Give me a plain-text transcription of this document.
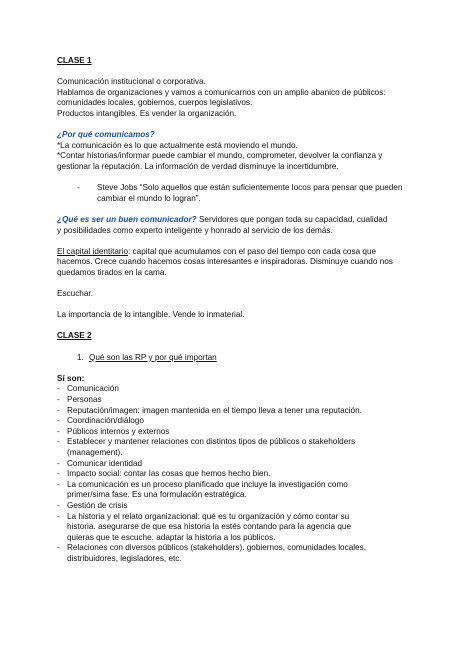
CLASE 1

Comunicación institucional o corporativa.

Hablamos de organizaciones y vamos a comunicarnos con un amplio abanico de públicos:

comunidades locales, gobiernos, cuerpos legislativos.

Productos intangibles. Es vender la organización.

¿Por qué comunicamos?

*La comunicación es lo que actualmente está moviendo el mundo.

*Contar historias/informar puede cambiar el mundo, comprometer, devolver la confianza y

gestionar la reputación. La información de verdad disminuye la incertidumbre.

-	Steve Jobs “Solo aquellos que están suficientemente locos para pensar que pueden
cambiar el mundo lo logran”.

¿Qué es ser un buen comunicador? Servidores que pongan toda su capacidad, cualidad

y posibilidades como experto inteligente y honrado al servicio de los demás.

El capital identitario: capital que acumulamos con el paso del tiempo con cada cosa que

hacemos. Crece cuando hacemos cosas interesantes e inspiradoras. Disminuye cuando nos

quedamos tirados en la cama.

Escuchar.

La importancia de lo intangible. Vende lo inmaterial.

CLASE 2

1. Qué son las RP y por qué importan

Sí son:

- Comunicación
- Personas
- Reputación/imagen: imagen mantenida en el tiempo lleva a tener una reputación.
- Coordinación/diálogo
- Públicos internos y externos
- Establecer y mantener relaciones con distintos tipos de públicos o stakeholders
(management).
- Comunicar identidad
- Impacto social: contar las cosas que hemos hecho bien.
- La comunicación es un proceso planificado que incluye la investigación como
primer/sima fase. Es una formulación estratégica.
- Gestión de crisis
- La historia y el relato organizacional: qué es tu organización y cómo contar su
historia. asegurarse de que esa historia la estés contando para la agencia que
quieras que te escuche. adaptar la historia a los públicos.
- Relaciones con diversos públicos (stakeholders). gobiernos, comunidades locales,
distribuidores, legisladores, etc.
